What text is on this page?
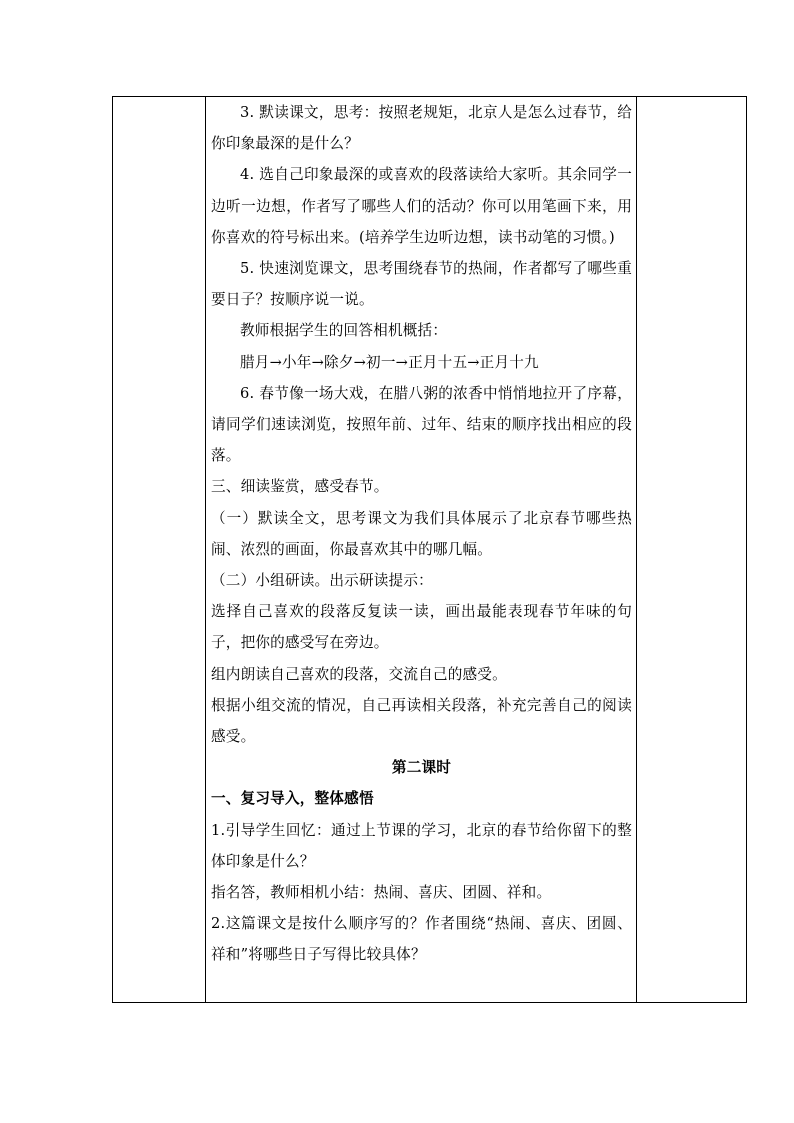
3. 默读课文，思考：按照老规矩，北京人是怎么过春节，给你印象最深的是什么？

4. 选自己印象最深的或喜欢的段落读给大家听。其余同学一边听一边想，作者写了哪些人们的活动？你可以用笔画下来，用你喜欢的符号标出来。(培养学生边听边想，读书动笔的习惯。)

5. 快速浏览课文，思考围绕春节的热闹，作者都写了哪些重要日子？按顺序说一说。

教师根据学生的回答相机概括：

腊月→小年→除夕→初一→正月十五→正月十九

6. 春节像一场大戏，在腊八粥的浓香中悄悄地拉开了序幕，请同学们速读浏览，按照年前、过年、结束的顺序找出相应的段落。

三、细读鉴赏，感受春节。

（一）默读全文，思考课文为我们具体展示了北京春节哪些热闹、浓烈的画面，你最喜欢其中的哪几幅。

（二）小组研读。出示研读提示：

选择自己喜欢的段落反复读一读，画出最能表现春节年味的句子，把你的感受写在旁边。

组内朗读自己喜欢的段落，交流自己的感受。

根据小组交流的情况，自己再读相关段落，补充完善自己的阅读感受。

第二课时

一、复习导入，整体感悟

1.引导学生回忆：通过上节课的学习，北京的春节给你留下的整体印象是什么？

指名答，教师相机小结：热闹、喜庆、团圆、祥和。

2.这篇课文是按什么顺序写的？作者围绕“热闹、喜庆、团圆、祥和”将哪些日子写得比较具体？
